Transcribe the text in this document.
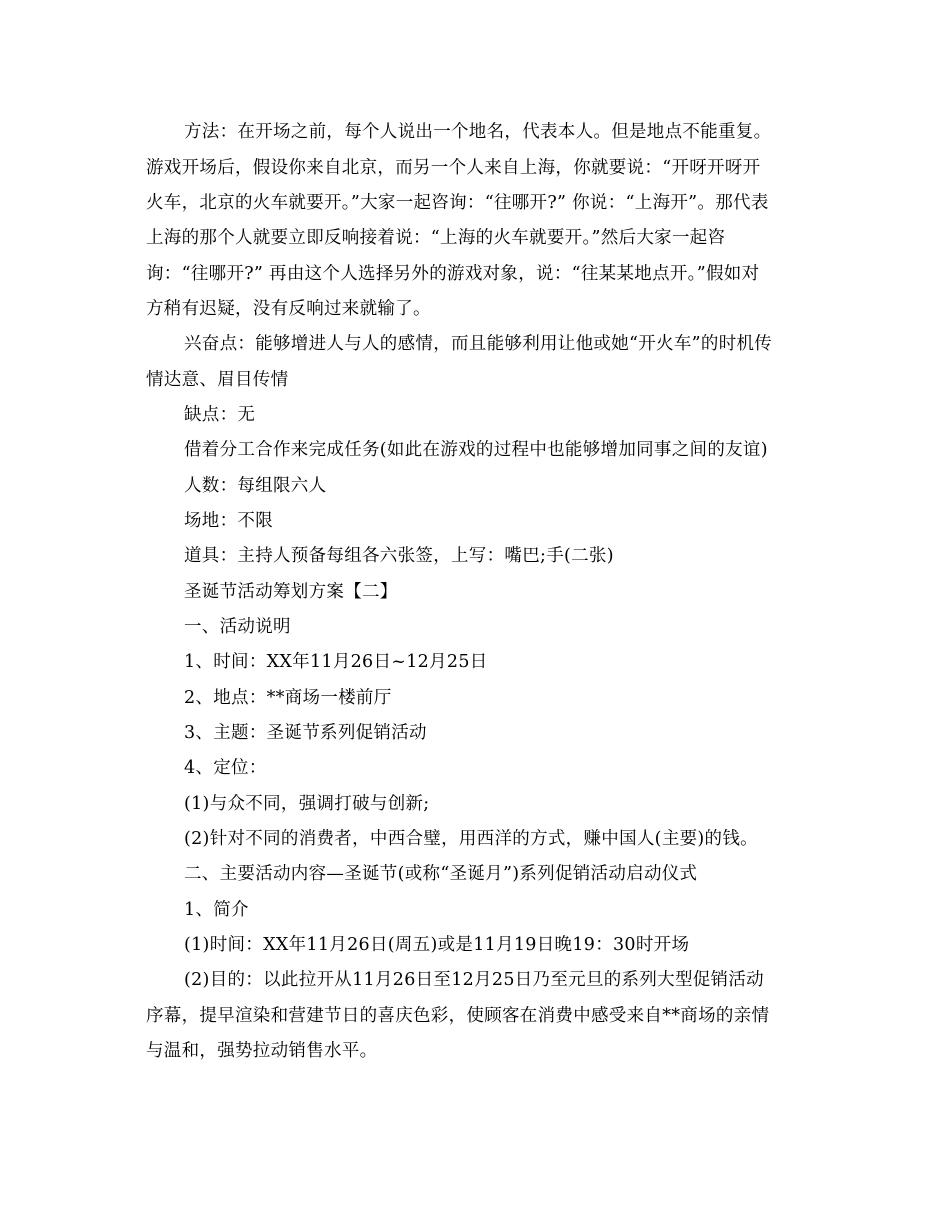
方法：在开场之前，每个人说出一个地名，代表本人。但是地点不能重复。
游戏开场后，假设你来自北京，而另一个人来自上海，你就要说：“开呀开呀开
火车，北京的火车就要开。”大家一起咨询：“往哪开?” 你说：“上海开”。那代表
上海的那个人就要立即反响接着说：“上海的火车就要开。”然后大家一起咨
询：“往哪开?” 再由这个人选择另外的游戏对象，说：“往某某地点开。”假如对
方稍有迟疑，没有反响过来就输了。
兴奋点：能够增进人与人的感情，而且能够利用让他或她“开火车”的时机传
情达意、眉目传情
缺点：无
借着分工合作来完成任务(如此在游戏的过程中也能够增加同事之间的友谊)
人数：每组限六人
场地：不限
道具：主持人预备每组各六张签，上写：嘴巴;手(二张)
圣诞节活动筹划方案【二】
一、活动说明
1、时间：XX年11月26日~12月25日
2、地点：**商场一楼前厅
3、主题：圣诞节系列促销活动
4、定位：
(1)与众不同，强调打破与创新;
(2)针对不同的消费者，中西合璧，用西洋的方式，赚中国人(主要)的钱。
二、主要活动内容—圣诞节(或称“圣诞月”)系列促销活动启动仪式
1、简介
(1)时间：XX年11月26日(周五)或是11月19日晚19：30时开场
(2)目的：以此拉开从11月26日至12月25日乃至元旦的系列大型促销活动
序幕，提早渲染和营建节日的喜庆色彩，使顾客在消费中感受来自**商场的亲情
与温和，强势拉动销售水平。
